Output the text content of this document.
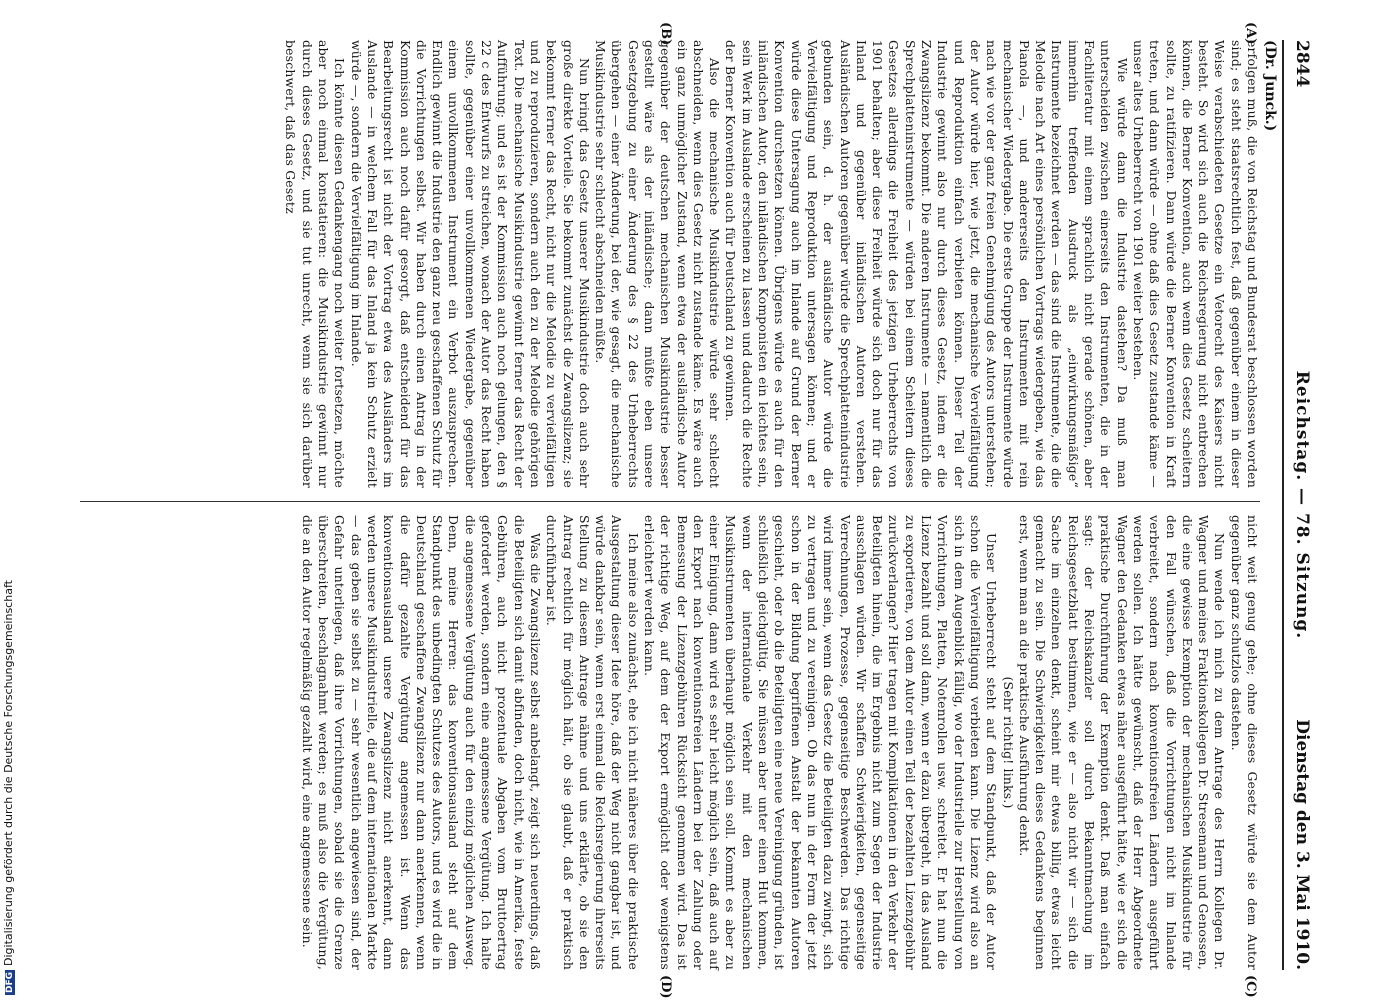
2844
Reichstag. — 78. Sitzung.
Dienstag den 3. Mai 1910.
(Dr. Junck.)
(A)
(B)
(C)
(D)

erfolgen muß, die von Reichstag und Bundesrat beschlossen worden sind; es steht staatsrechtlich fest, daß gegenüber einem in dieser Weise verabschiedeten Gesetze ein Vetorecht des Kaisers nicht besteht. So wird sich auch die Reichsregierung nicht entbrechen können, die Berner Konvention, auch wenn dies Gesetz scheitern sollte, zu ratifizieren. Dann würde die Berner Konvention in Kraft treten, und dann würde — ohne daß dies Gesetz zustande käme — unser altes Urheberrecht von 1901 weiter bestehen.

Wie würde dann die Industrie dastehen? Da muß man unterscheiden zwischen einerseits den Instrumenten, die in der Fachliteratur mit einem sprachlich nicht gerade schönen, aber immerhin treffenden Ausdruck als „einwirkungsmäßige“ Instrumente bezeichnet werden — das sind die Instrumente, die die Melodie nach Art eines persönlichen Vortrags wiedergeben, wie das Pianola —, und andererseits den Instrumenten mit rein mechanischer Wiedergabe. Die erste Gruppe der Instrumente würde nach wie vor der ganz freien Genehmigung des Autors unterstehen; der Autor würde hier, wie jetzt, die mechanische Vervielfältigung und Reproduktion einfach verbieten können. Dieser Teil der Industrie gewinnt also nur durch dieses Gesetz, indem er die Zwangslizenz bekommt. Die anderen Instrumente — namentlich die Sprechplatteninstrumente — würden bei einem Scheitern dieses Gesetzes allerdings die Freiheit des jetzigen Urheberrechts von 1901 behalten; aber diese Freiheit würde sich doch nur für das Inland und gegenüber inländischen Autoren verstehen. Ausländischen Autoren gegenüber würde die Sprechplattenindustrie gebunden sein, d. h. der ausländische Autor würde die Vervielfältigung und Reproduktion untersagen können; und er würde diese Untersagung auch im Inlande auf Grund der Berner Konvention durchsetzen können. Übrigens würde es auch für den inländischen Autor, den inländischen Komponisten ein leichtes sein, sein Werk im Auslande erscheinen zu lassen und dadurch die Rechte der Berner Konvention auch für Deutschland zu gewinnen.

Also die mechanische Musikindustrie würde sehr schlecht abschneiden, wenn dies Gesetz nicht zustande käme. Es wäre auch ein ganz unmöglicher Zustand, wenn etwa der ausländische Autor gegenüber der deutschen mechanischen Musikindustrie besser gestellt wäre als der inländische; dann müßte eben unsere Gesetzgebung zu einer Änderung des § 22 des Urheberrechts übergehen — einer Änderung, bei der, wie gesagt, die mechanische Musikindustrie sehr schlecht abschneiden müßte.

Nun bringt das Gesetz unserer Musikindustrie doch auch sehr große direkte Vorteile. Sie bekommt zunächst die Zwangslizenz; sie bekommt ferner das Recht, nicht nur die Melodie zu vervielfältigen und zu reproduzieren, sondern auch den zu der Melodie gehörigen Text. Die mechanische Musikindustrie gewinnt ferner das Recht der Aufführung; und es ist der Kommission auch noch gelungen, den § 22 c des Entwurfs zu streichen, wonach der Autor das Recht haben sollte, gegenüber einer unvollkommenen Wiedergabe, gegenüber einem unvollkommenen Instrument ein Verbot auszusprechen. Endlich gewinnt die Industrie den ganz neu geschaffenen Schutz für die Vorrichtungen selbst. Wir haben durch einen Antrag in der Kommission auch noch dafür gesorgt, daß entscheidend für das Bearbeitungsrecht ist nicht der Vortrag etwa des Ausländers im Auslande — in welchem Fall für das Inland ja kein Schutz erzielt würde —, sondern die Vervielfältigung im Inlande.

Ich könnte diesen Gedankengang noch weiter fortsetzen, möchte aber noch einmal konstatieren: die Musikindustrie gewinnt nur durch dieses Gesetz, und sie tut unrecht, wenn sie sich darüber beschwert, daß das Gesetz

nicht weit genug gehe; ohne dieses Gesetz würde sie dem Autor gegenüber ganz schutzlos dastehen.

Nun wende ich mich zu dem Antrage des Herrn Kollegen Dr. Wagner und meines Fraktionskollegen Dr. Stresemann und Genossen, die eine gewisse Exemption der mechanischen Musikindustrie für den Fall wünschen, daß die Vorrichtungen nicht im Inlande verbreitet, sondern nach konventionsfreien Ländern ausgeführt werden sollen. Ich hätte gewünscht, daß der Herr Abgeordnete Wagner den Gedanken etwas näher ausgeführt hätte, wie er sich die praktische Durchführung der Exemption denkt. Daß man einfach sagt: der Reichskanzler soll durch Bekanntmachung im Reichsgesetzblatt bestimmen, wie er — also nicht wir — sich die Sache im einzelnen denkt, scheint mir etwas billig, etwas leicht gemacht zu sein. Die Schwierigkeiten dieses Gedankens beginnen erst, wenn man an die praktische Ausführung denkt.

(Sehr richtig! links.)

Unser Urheberrecht steht auf dem Standpunkt, daß der Autor schon die Vervielfältigung verbieten kann. Die Lizenz wird also an sich in dem Augenblick fällig, wo der Industrielle zur Herstellung von Vorrichtungen, Platten, Notenrollen usw. schreitet. Er hat nun die Lizenz bezahlt und soll dann, wenn er dazu übergeht, in das Ausland zu exportieren, von dem Autor einen Teil der bezahlten Lizenzgebühr zurückverlangen? Hier tragen mit Komplikationen in den Verkehr der Beteiligten hinein, die im Ergebnis nicht zum Segen der Industrie ausschlagen würden. Wir schaffen Schwierigkeiten, gegenseitige Verrechnungen, Prozesse, gegenseitige Beschwerden. Das richtige wird immer sein, wenn das Gesetz die Beteiligten dazu zwingt, sich zu vertragen und zu vereinigen. Ob das nun in der Form der jetzt schon in der Bildung begriffenen Anstalt der bekannten Autoren geschieht, oder ob die Beteiligten eine neue Vereinigung gründen, ist schließlich gleichgültig. Sie müssen aber unter einen Hut kommen, wenn der internationale Verkehr mit den mechanischen Musikinstrumenten überhaupt möglich sein soll. Kommt es aber zu einer Einigung, dann wird es sehr leicht möglich sein, daß auch auf den Export nach konventionsfreien Ländern bei der Zahlung oder Bemessung der Lizenzgebühren Rücksicht genommen wird. Das ist der richtige Weg, auf dem der Export ermöglicht oder wenigstens erleichtert werden kann.

Ich meine also zunächst, ehe ich nicht näheres über die praktische Ausgestaltung dieser Idee höre, daß der Weg nicht gangbar ist, und würde dankbar sein, wenn erst einmal die Reichsregierung ihrerseits Stellung zu diesem Antrage nähme und uns erklärte, ob sie den Antrag rechtlich für möglich hält, ob sie glaubt, daß er praktisch durchführbar ist.

Was die Zwangslizenz selbst anbelangt, zeigt sich neuerdings, daß die Beteiligten sich damit abfinden, doch nicht, wie in Amerika, feste Gebühren, auch nicht prozentuale Abgaben vom Bruttoertrag gefordert werden, sondern eine angemessene Vergütung. Ich halte die angemessene Vergütung auch für den einzig möglichen Ausweg. Denn, meine Herren: das konventionsausland steht auf dem Standpunkt des unbedingten Schutzes des Autors, und es wird die in Deutschland geschaffene Zwangslizenz nur dann anerkennen, wenn die dafür gezahlte Vergütung angemessen ist. Wenn das konventionsausland unsere Zwangslizenz nicht anerkennt, dann werden unsere Musikindustrielle, die auf dem internationalen Markte — das geben sie selbst zu — sehr wesentlich angewiesen sind, der Gefahr unterliegen, daß ihre Vorrichtungen, sobald sie die Grenze überschreiten, beschlagnahmt werden; es muß also die Vergütung, die an den Autor regelmäßig gezahlt wird, eine angemessene sein.

DFGDigitalisierung gefördert durch die Deutsche Forschungsgemeinschaft
